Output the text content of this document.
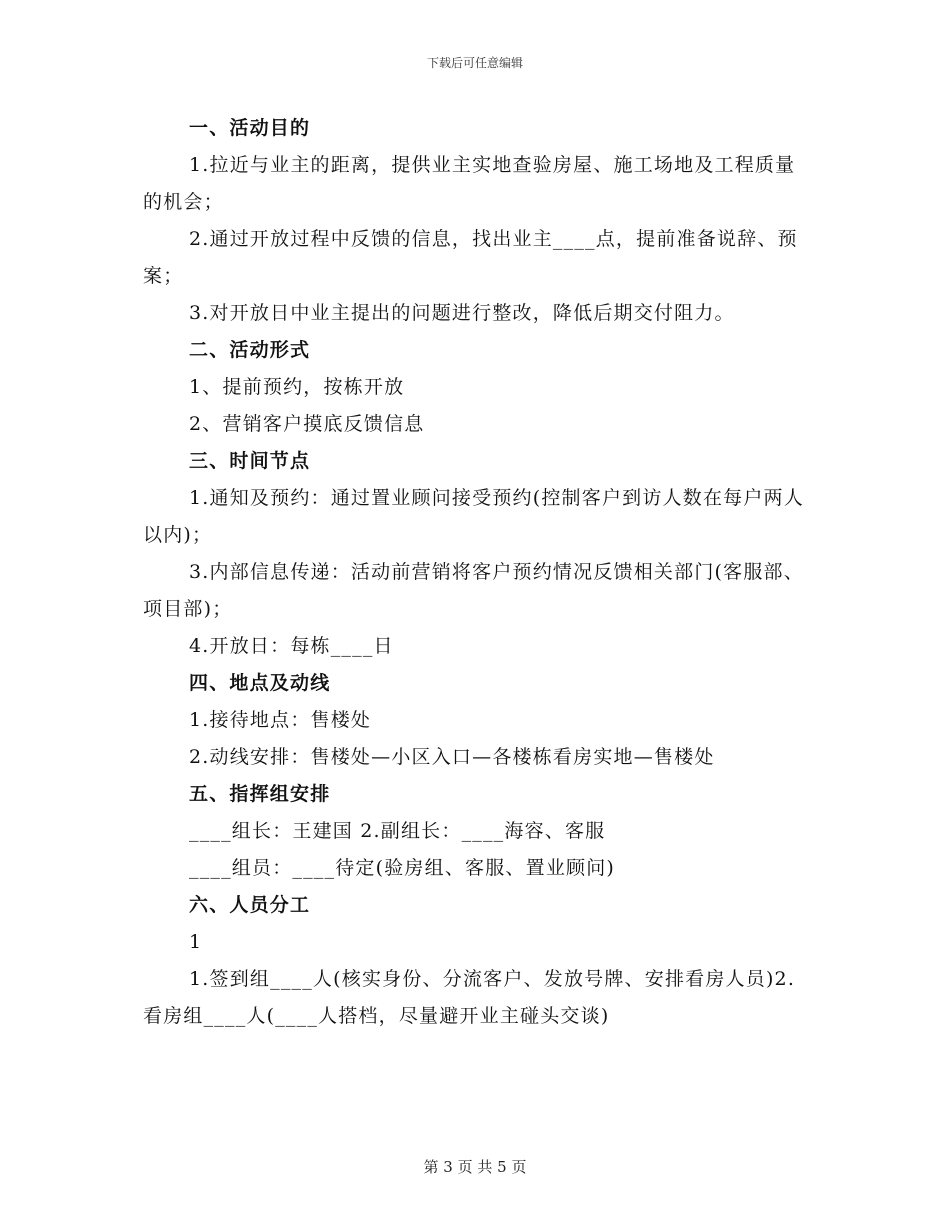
下载后可任意编辑

一、活动目的

1.拉近与业主的距离，提供业主实地查验房屋、施工场地及工程质量的机会；

2.通过开放过程中反馈的信息，找出业主____点，提前准备说辞、预案；

3.对开放日中业主提出的问题进行整改，降低后期交付阻力。

二、活动形式

1、提前预约，按栋开放

2、营销客户摸底反馈信息

三、时间节点

1.通知及预约：通过置业顾问接受预约(控制客户到访人数在每户两人以内)；

3.内部信息传递：活动前营销将客户预约情况反馈相关部门(客服部、项目部)；

4.开放日：每栋____日

四、地点及动线

1.接待地点：售楼处

2.动线安排：售楼处—小区入口—各楼栋看房实地—售楼处

五、指挥组安排

____组长：王建国 2.副组长：____海容、客服

____组员：____待定(验房组、客服、置业顾问)

六、人员分工

1

1.签到组____人(核实身份、分流客户、发放号牌、安排看房人员)2.看房组____人(____人搭档，尽量避开业主碰头交谈)

第 3 页 共 5 页
